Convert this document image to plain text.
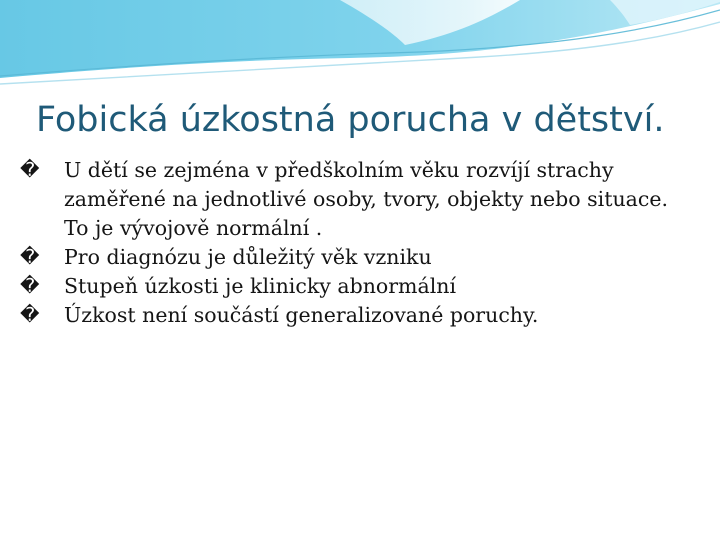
Fobická úzkostná porucha v dětství.
�	U dětí se zejména v předškolním věku rozvíjí strachy zaměřené na jednotlivé osoby, tvory, objekty nebo situace. To je vývojově normální .
�	Pro diagnózu je důležitý věk vzniku
�	Stupeň úzkosti je klinicky abnormální
�	Úzkost není součástí generalizované poruchy.
